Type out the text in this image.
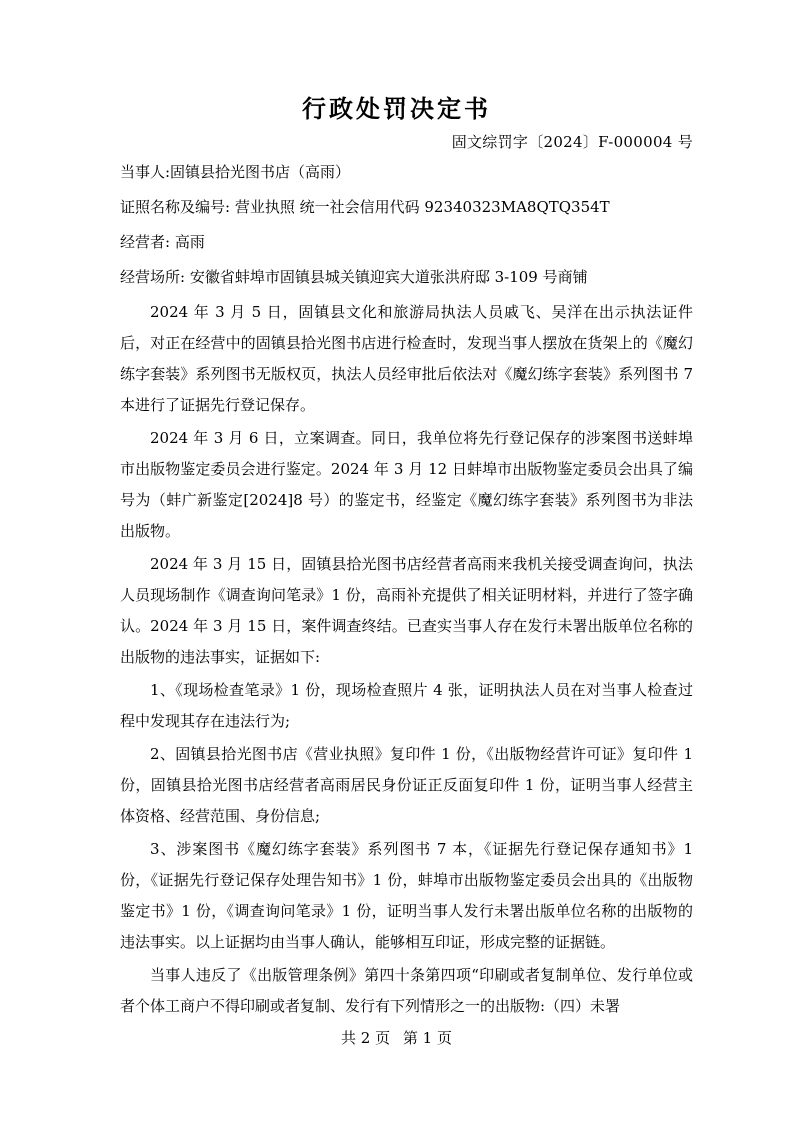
行政处罚决定书
固文综罚字〔2024〕F-000004 号

当事人:固镇县拾光图书店（高雨）

证照名称及编号: 营业执照 统一社会信用代码 92340323MA8QTQ354T

经营者: 高雨

经营场所: 安徽省蚌埠市固镇县城关镇迎宾大道张洪府邸 3-109 号商铺

2024 年 3 月 5 日，固镇县文化和旅游局执法人员戚飞、吴洋在出示执法证件后，对正在经营中的固镇县拾光图书店进行检查时，发现当事人摆放在货架上的《魔幻练字套装》系列图书无版权页，执法人员经审批后依法对《魔幻练字套装》系列图书 7 本进行了证据先行登记保存。

2024 年 3 月 6 日，立案调查。同日，我单位将先行登记保存的涉案图书送蚌埠市出版物鉴定委员会进行鉴定。2024 年 3 月 12 日蚌埠市出版物鉴定委员会出具了编号为（蚌广新鉴定[2024]8 号）的鉴定书，经鉴定《魔幻练字套装》系列图书为非法出版物。

2024 年 3 月 15 日，固镇县拾光图书店经营者高雨来我机关接受调查询问，执法人员现场制作《调查询问笔录》1 份，高雨补充提供了相关证明材料，并进行了签字确认。2024 年 3 月 15 日，案件调查终结。已查实当事人存在发行未署出版单位名称的出版物的违法事实，证据如下:

1、《现场检查笔录》1 份，现场检查照片 4 张，证明执法人员在对当事人检查过程中发现其存在违法行为;

2、固镇县拾光图书店《营业执照》复印件 1 份，《出版物经营许可证》复印件 1 份，固镇县拾光图书店经营者高雨居民身份证正反面复印件 1 份，证明当事人经营主体资格、经营范围、身份信息;

3、涉案图书《魔幻练字套装》系列图书 7 本，《证据先行登记保存通知书》1 份，《证据先行登记保存处理告知书》1 份，蚌埠市出版物鉴定委员会出具的《出版物鉴定书》1 份，《调查询问笔录》1 份，证明当事人发行未署出版单位名称的出版物的违法事实。以上证据均由当事人确认，能够相互印证，形成完整的证据链。

当事人违反了《出版管理条例》第四十条第四项“印刷或者复制单位、发行单位或者个体工商户不得印刷或者复制、发行有下列情形之一的出版物:（四）未署

共 2 页 第 1 页
